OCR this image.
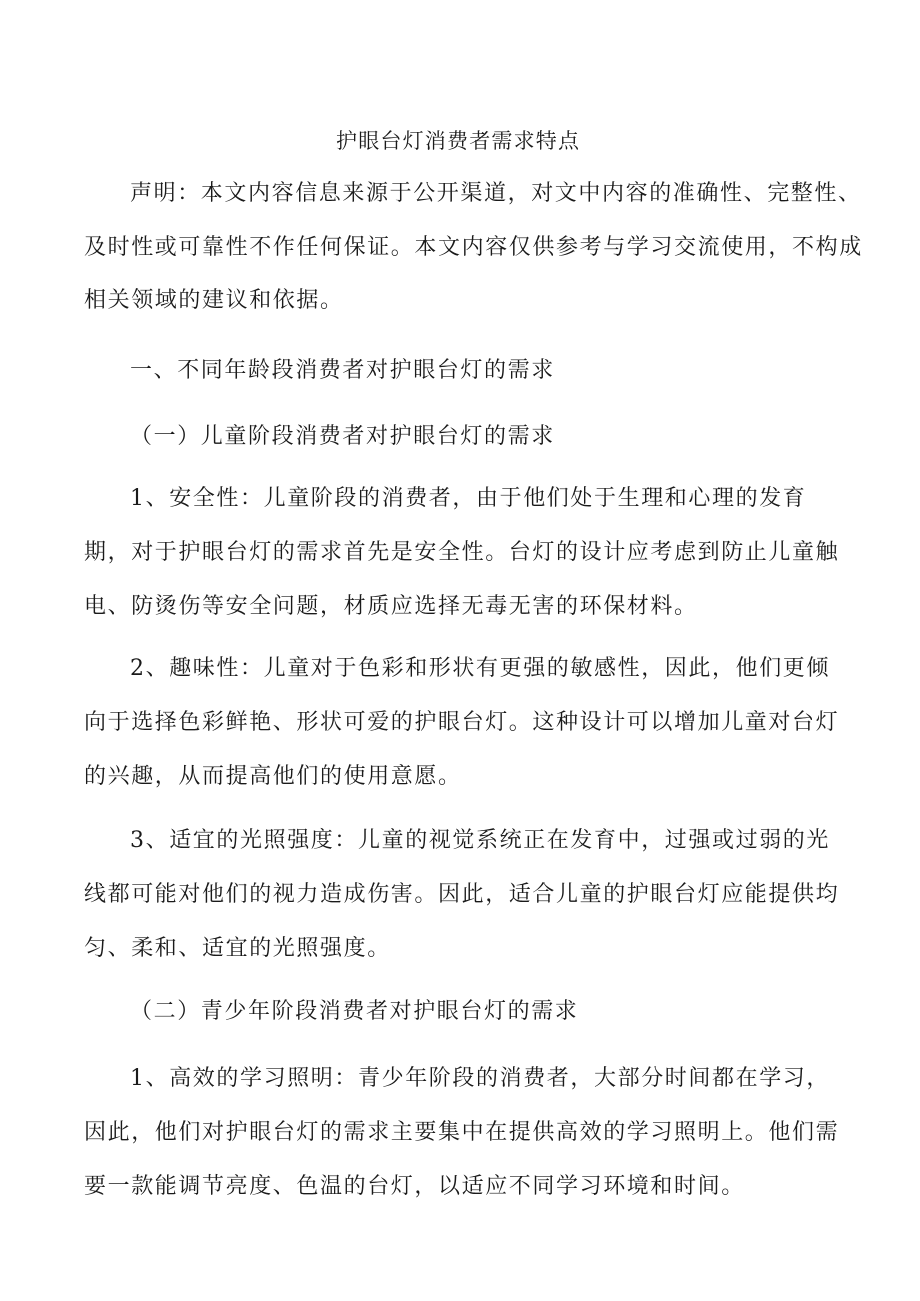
护眼台灯消费者需求特点
声明：本文内容信息来源于公开渠道，对文中内容的准确性、完整性、
及时性或可靠性不作任何保证。本文内容仅供参考与学习交流使用，不构成
相关领域的建议和依据。
一、不同年龄段消费者对护眼台灯的需求
（一）儿童阶段消费者对护眼台灯的需求
1、安全性：儿童阶段的消费者，由于他们处于生理和心理的发育
期，对于护眼台灯的需求首先是安全性。台灯的设计应考虑到防止儿童触
电、防烫伤等安全问题，材质应选择无毒无害的环保材料。
2、趣味性：儿童对于色彩和形状有更强的敏感性，因此，他们更倾
向于选择色彩鲜艳、形状可爱的护眼台灯。这种设计可以增加儿童对台灯
的兴趣，从而提高他们的使用意愿。
3、适宜的光照强度：儿童的视觉系统正在发育中，过强或过弱的光
线都可能对他们的视力造成伤害。因此，适合儿童的护眼台灯应能提供均
匀、柔和、适宜的光照强度。
（二）青少年阶段消费者对护眼台灯的需求
1、高效的学习照明：青少年阶段的消费者，大部分时间都在学习，
因此，他们对护眼台灯的需求主要集中在提供高效的学习照明上。他们需
要一款能调节亮度、色温的台灯，以适应不同学习环境和时间。
